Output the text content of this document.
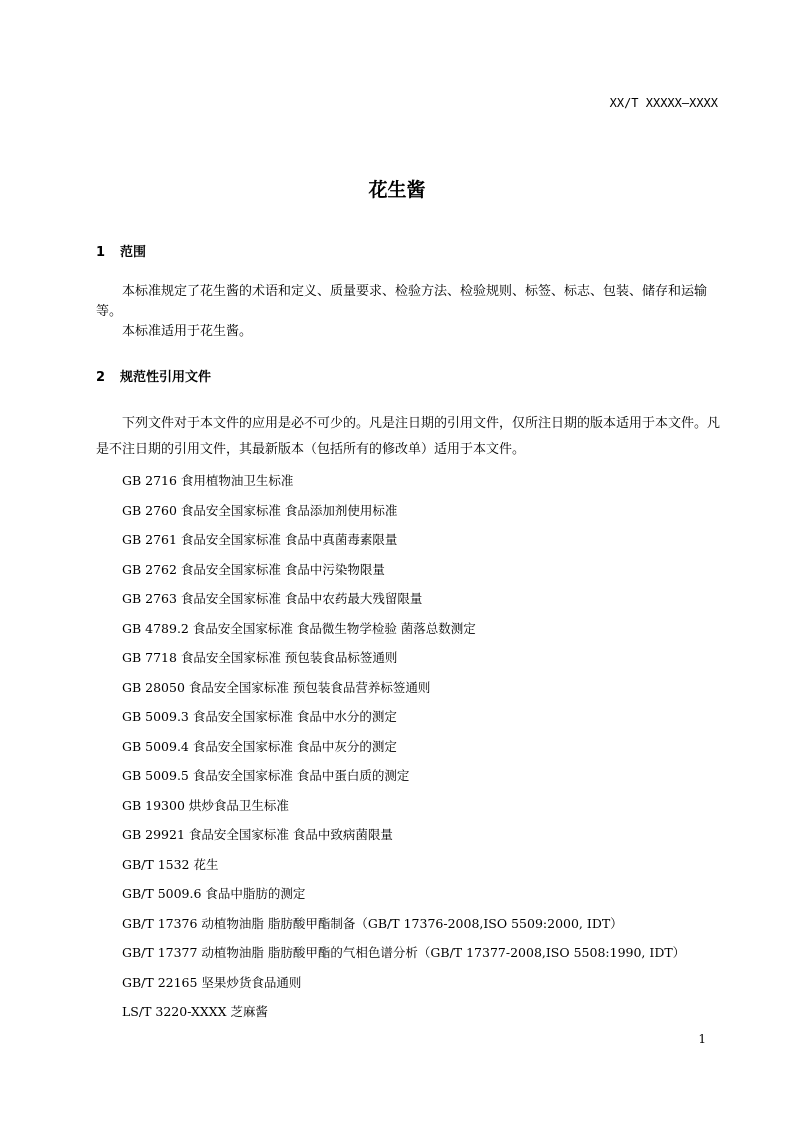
XX/T XXXXX—XXXX
花生酱
1 范围

本标准规定了花生酱的术语和定义、质量要求、检验方法、检验规则、标签、标志、包装、储存和运输等。

本标准适用于花生酱。

2 规范性引用文件

下列文件对于本文件的应用是必不可少的。凡是注日期的引用文件，仅所注日期的版本适用于本文件。凡是不注日期的引用文件，其最新版本（包括所有的修改单）适用于本文件。

GB 2716 食用植物油卫生标准
GB 2760 食品安全国家标准 食品添加剂使用标准
GB 2761 食品安全国家标准 食品中真菌毒素限量
GB 2762 食品安全国家标准 食品中污染物限量
GB 2763 食品安全国家标准 食品中农药最大残留限量
GB 4789.2 食品安全国家标准 食品微生物学检验 菌落总数测定
GB 7718 食品安全国家标准 预包装食品标签通则
GB 28050 食品安全国家标准 预包装食品营养标签通则
GB 5009.3 食品安全国家标准 食品中水分的测定
GB 5009.4 食品安全国家标准 食品中灰分的测定
GB 5009.5 食品安全国家标准 食品中蛋白质的测定
GB 19300 烘炒食品卫生标准
GB 29921 食品安全国家标准 食品中致病菌限量
GB/T 1532 花生
GB/T 5009.6 食品中脂肪的测定
GB/T 17376 动植物油脂 脂肪酸甲酯制备（GB/T 17376-2008,ISO 5509:2000, IDT）
GB/T 17377 动植物油脂 脂肪酸甲酯的气相色谱分析（GB/T 17377-2008,ISO 5508:1990, IDT）
GB/T 22165 坚果炒货食品通则
LS/T 3220-XXXX 芝麻酱
1
